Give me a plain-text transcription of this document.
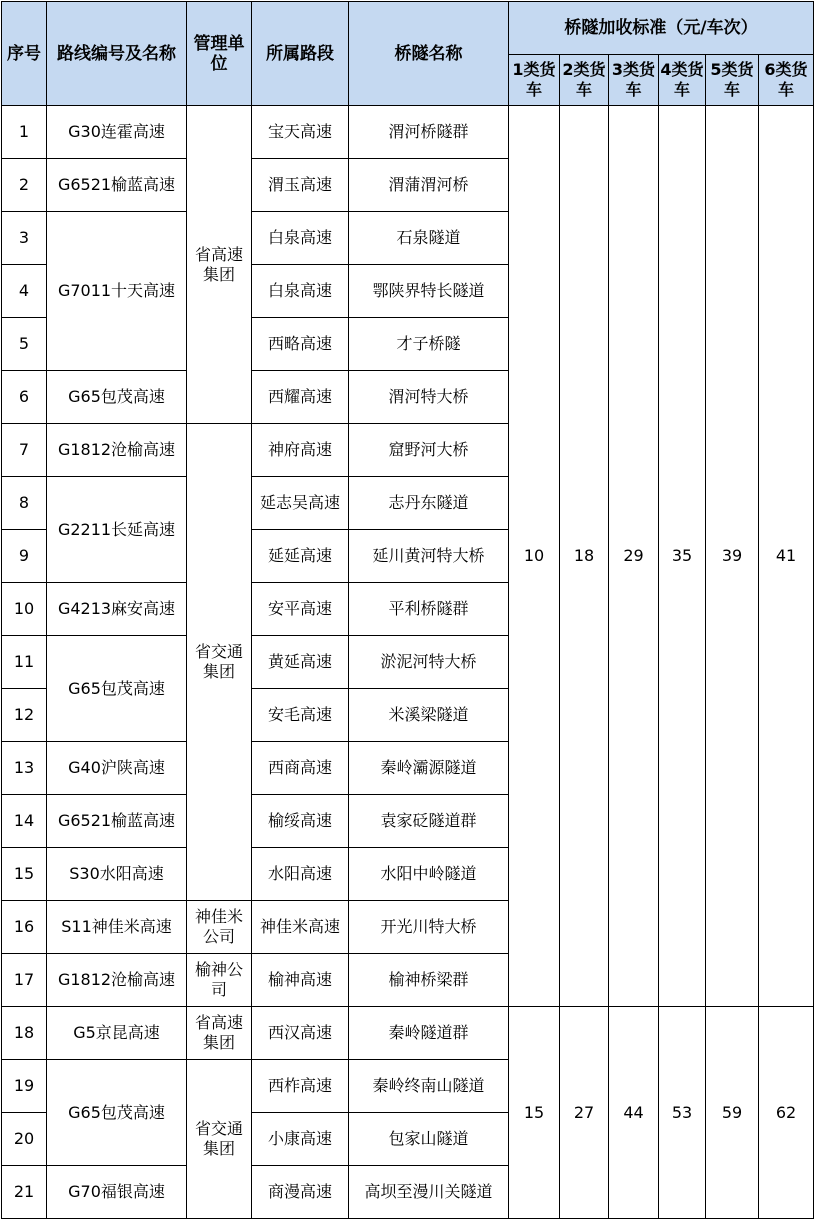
序号	路线编号及名称	管理单位	所属路段	桥隧名称	桥隧加收标准（元/车次）					
					1类货车	2类货车	3类货车	4类货车	5类货车	6类货车
1	G30连霍高速	省高速集团	宝天高速	渭河桥隧群	10	18	29	35	39	41
2	G6521榆蓝高速		渭玉高速	渭蒲渭河桥						
3	G7011十天高速		白泉高速	石泉隧道						
4			白泉高速	鄂陕界特长隧道						
5			西略高速	才子桥隧						
6	G65包茂高速		西耀高速	渭河特大桥						
7	G1812沧榆高速	省交通集团	神府高速	窟野河大桥						
8	G2211长延高速		延志吴高速	志丹东隧道						
9			延延高速	延川黄河特大桥						
10	G4213麻安高速		安平高速	平利桥隧群						
11	G65包茂高速		黄延高速	淤泥河特大桥						
12			安毛高速	米溪梁隧道						
13	G40沪陕高速		西商高速	秦岭灞源隧道						
14	G6521榆蓝高速		榆绥高速	袁家砭隧道群						
15	S30水阳高速		水阳高速	水阳中岭隧道						
16	S11神佳米高速	神佳米公司	神佳米高速	开光川特大桥						
17	G1812沧榆高速	榆神公司	榆神高速	榆神桥梁群						
18	G5京昆高速	省高速集团	西汉高速	秦岭隧道群	15	27	44	53	59	62
19	G65包茂高速	省交通集团	西柞高速	秦岭终南山隧道						
20			小康高速	包家山隧道						
21	G70福银高速		商漫高速	高坝至漫川关隧道						
